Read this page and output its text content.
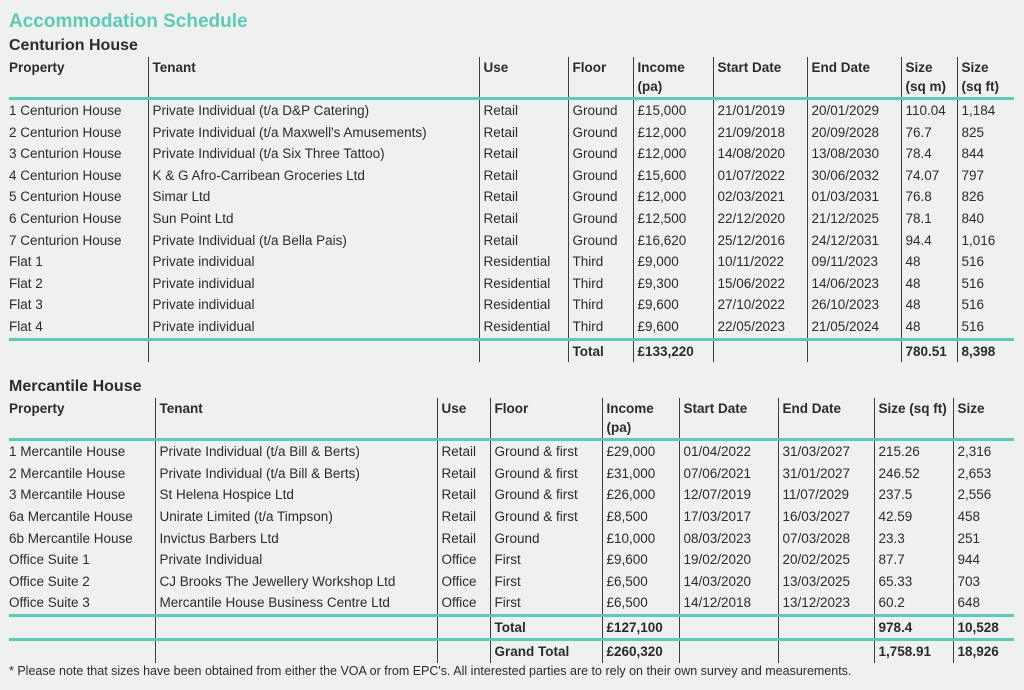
Accommodation Schedule
Centurion House
Property	Tenant	Use	Floor	Income (pa)	Start Date	End Date	Size (sq m)	Size (sq ft)
1 Centurion House	Private Individual (t/a D&P Catering)	Retail	Ground	£15,000	21/01/2019	20/01/2029	110.04	1,184
2 Centurion House	Private Individual (t/a Maxwell's Amusements)	Retail	Ground	£12,000	21/09/2018	20/09/2028	76.7	825
3 Centurion House	Private Individual (t/a Six Three Tattoo)	Retail	Ground	£12,000	14/08/2020	13/08/2030	78.4	844
4 Centurion House	K & G Afro-Carribean Groceries Ltd	Retail	Ground	£15,600	01/07/2022	30/06/2032	74.07	797
5 Centurion House	Simar Ltd	Retail	Ground	£12,000	02/03/2021	01/03/2031	76.8	826
6 Centurion House	Sun Point Ltd	Retail	Ground	£12,500	22/12/2020	21/12/2025	78.1	840
7 Centurion House	Private Individual (t/a Bella Pais)	Retail	Ground	£16,620	25/12/2016	24/12/2031	94.4	1,016
Flat 1	Private individual	Residential	Third	£9,000	10/11/2022	09/11/2023	48	516
Flat 2	Private individual	Residential	Third	£9,300	15/06/2022	14/06/2023	48	516
Flat 3	Private individual	Residential	Third	£9,600	27/10/2022	26/10/2023	48	516
Flat 4	Private individual	Residential	Third	£9,600	22/05/2023	21/05/2024	48	516
			Total	£133,220			780.51	8,398
Mercantile House
Property	Tenant	Use	Floor	Income (pa)	Start Date	End Date	Size (sq ft)	Size
1 Mercantile House	Private Individual (t/a Bill & Berts)	Retail	Ground & first	£29,000	01/04/2022	31/03/2027	215.26	2,316
2 Mercantile House	Private Individual (t/a Bill & Berts)	Retail	Ground & first	£31,000	07/06/2021	31/01/2027	246.52	2,653
3 Mercantile House	St Helena Hospice Ltd	Retail	Ground & first	£26,000	12/07/2019	11/07/2029	237.5	2,556
6a Mercantile House	Unirate Limited (t/a Timpson)	Retail	Ground & first	£8,500	17/03/2017	16/03/2027	42.59	458
6b Mercantile House	Invictus Barbers Ltd	Retail	Ground	£10,000	08/03/2023	07/03/2028	23.3	251
Office Suite 1	Private Individual	Office	First	£9,600	19/02/2020	20/02/2025	87.7	944
Office Suite 2	CJ Brooks The Jewellery Workshop Ltd	Office	First	£6,500	14/03/2020	13/03/2025	65.33	703
Office Suite 3	Mercantile House Business Centre Ltd	Office	First	£6,500	14/12/2018	13/12/2023	60.2	648
			Total	£127,100			978.4	10,528
			Grand Total	£260,320			1,758.91	18,926
* Please note that sizes have been obtained from either the VOA or from EPC's. All interested parties are to rely on their own survey and measurements.
